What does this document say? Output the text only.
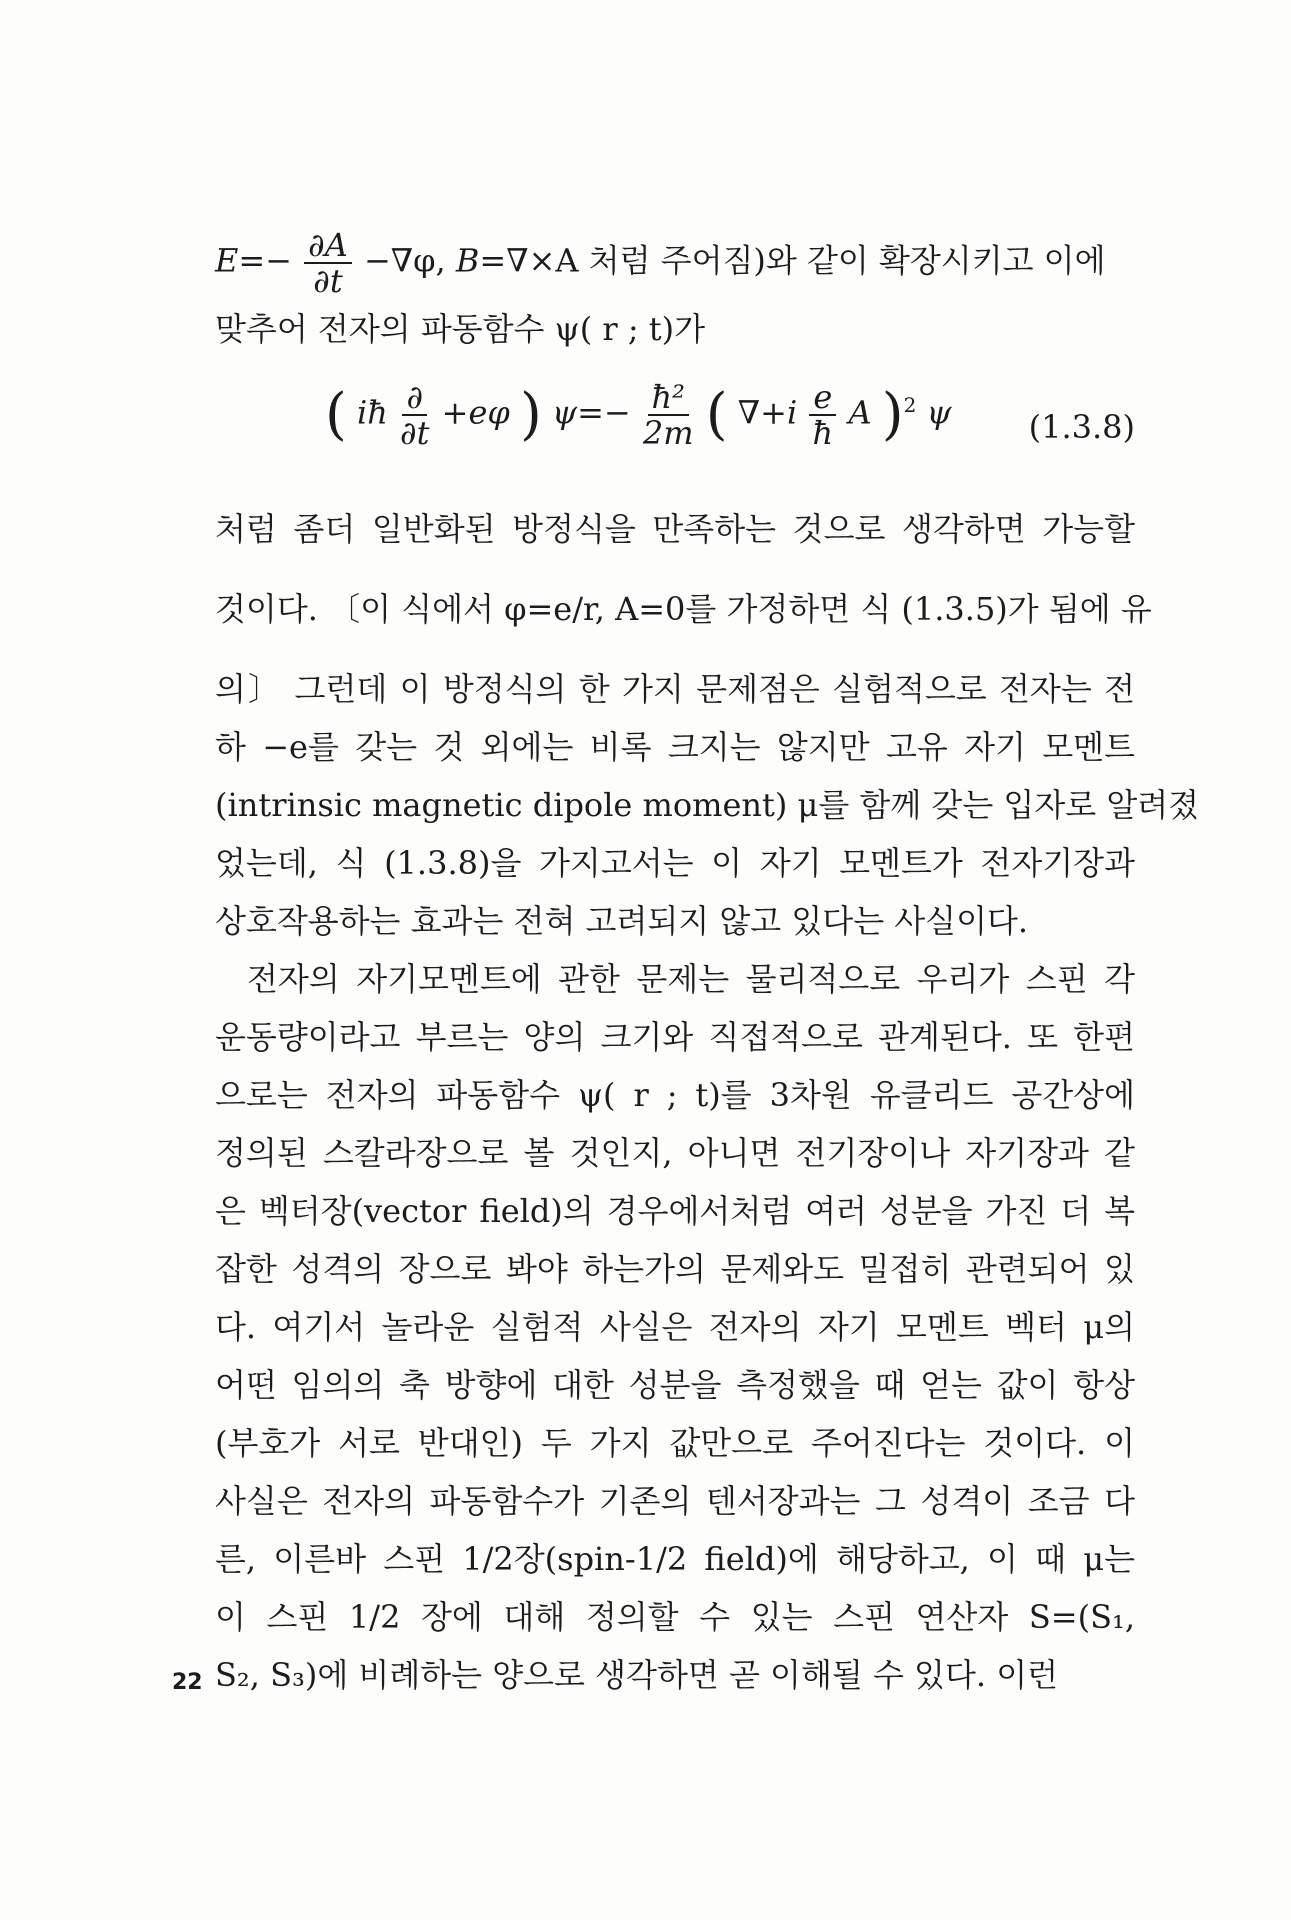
$E=- \frac{\partial A}{\partial t} -\nabla\varphi$, B=∇×A 처럼 주어짐)와 같이 확장시키고 이에
맞추어 전자의 파동함수 ψ( r ; t)가
( iħ $\frac{\partial}{\partial t} +e\varphi$ ) $\psi=- \frac{\text{ħ²}}{2m}$ ( $\nabla+i \frac{e}{ħ}$ A )$^2$ ψ (1.3.8)
처럼 좀더 일반화된 방정식을 만족하는 것으로 생각하면 가능할
것이다. 〔이 식에서 φ=e/r, A=0를 가정하면 식 (1.3.5)가 됨에 유
의〕 그런데 이 방정식의 한 가지 문제점은 실험적으로 전자는 전
하 −e를 갖는 것 외에는 비록 크지는 않지만 고유 자기 모멘트
(intrinsic magnetic dipole moment) μ를 함께 갖는 입자로 알려졌
었는데, 식 (1.3.8)을 가지고서는 이 자기 모멘트가 전자기장과
상호작용하는 효과는 전혀 고려되지 않고 있다는 사실이다.
전자의 자기모멘트에 관한 문제는 물리적으로 우리가 스핀 각
운동량이라고 부르는 양의 크기와 직접적으로 관계된다. 또 한편
으로는 전자의 파동함수 ψ( r ; t)를 3차원 유클리드 공간상에
정의된 스칼라장으로 볼 것인지, 아니면 전기장이나 자기장과 같
은 벡터장(vector field)의 경우에서처럼 여러 성분을 가진 더 복
잡한 성격의 장으로 봐야 하는가의 문제와도 밀접히 관련되어 있
다. 여기서 놀라운 실험적 사실은 전자의 자기 모멘트 벡터 μ의
어떤 임의의 축 방향에 대한 성분을 측정했을 때 얻는 값이 항상
(부호가 서로 반대인) 두 가지 값만으로 주어진다는 것이다. 이
사실은 전자의 파동함수가 기존의 텐서장과는 그 성격이 조금 다
른, 이른바 스핀 1/2장(spin-1/2 field)에 해당하고, 이 때 μ는
이 스핀 1/2 장에 대해 정의할 수 있는 스핀 연산자 S=(S₁,
S₂, S₃)에 비례하는 양으로 생각하면 곧 이해될 수 있다. 이런
22
